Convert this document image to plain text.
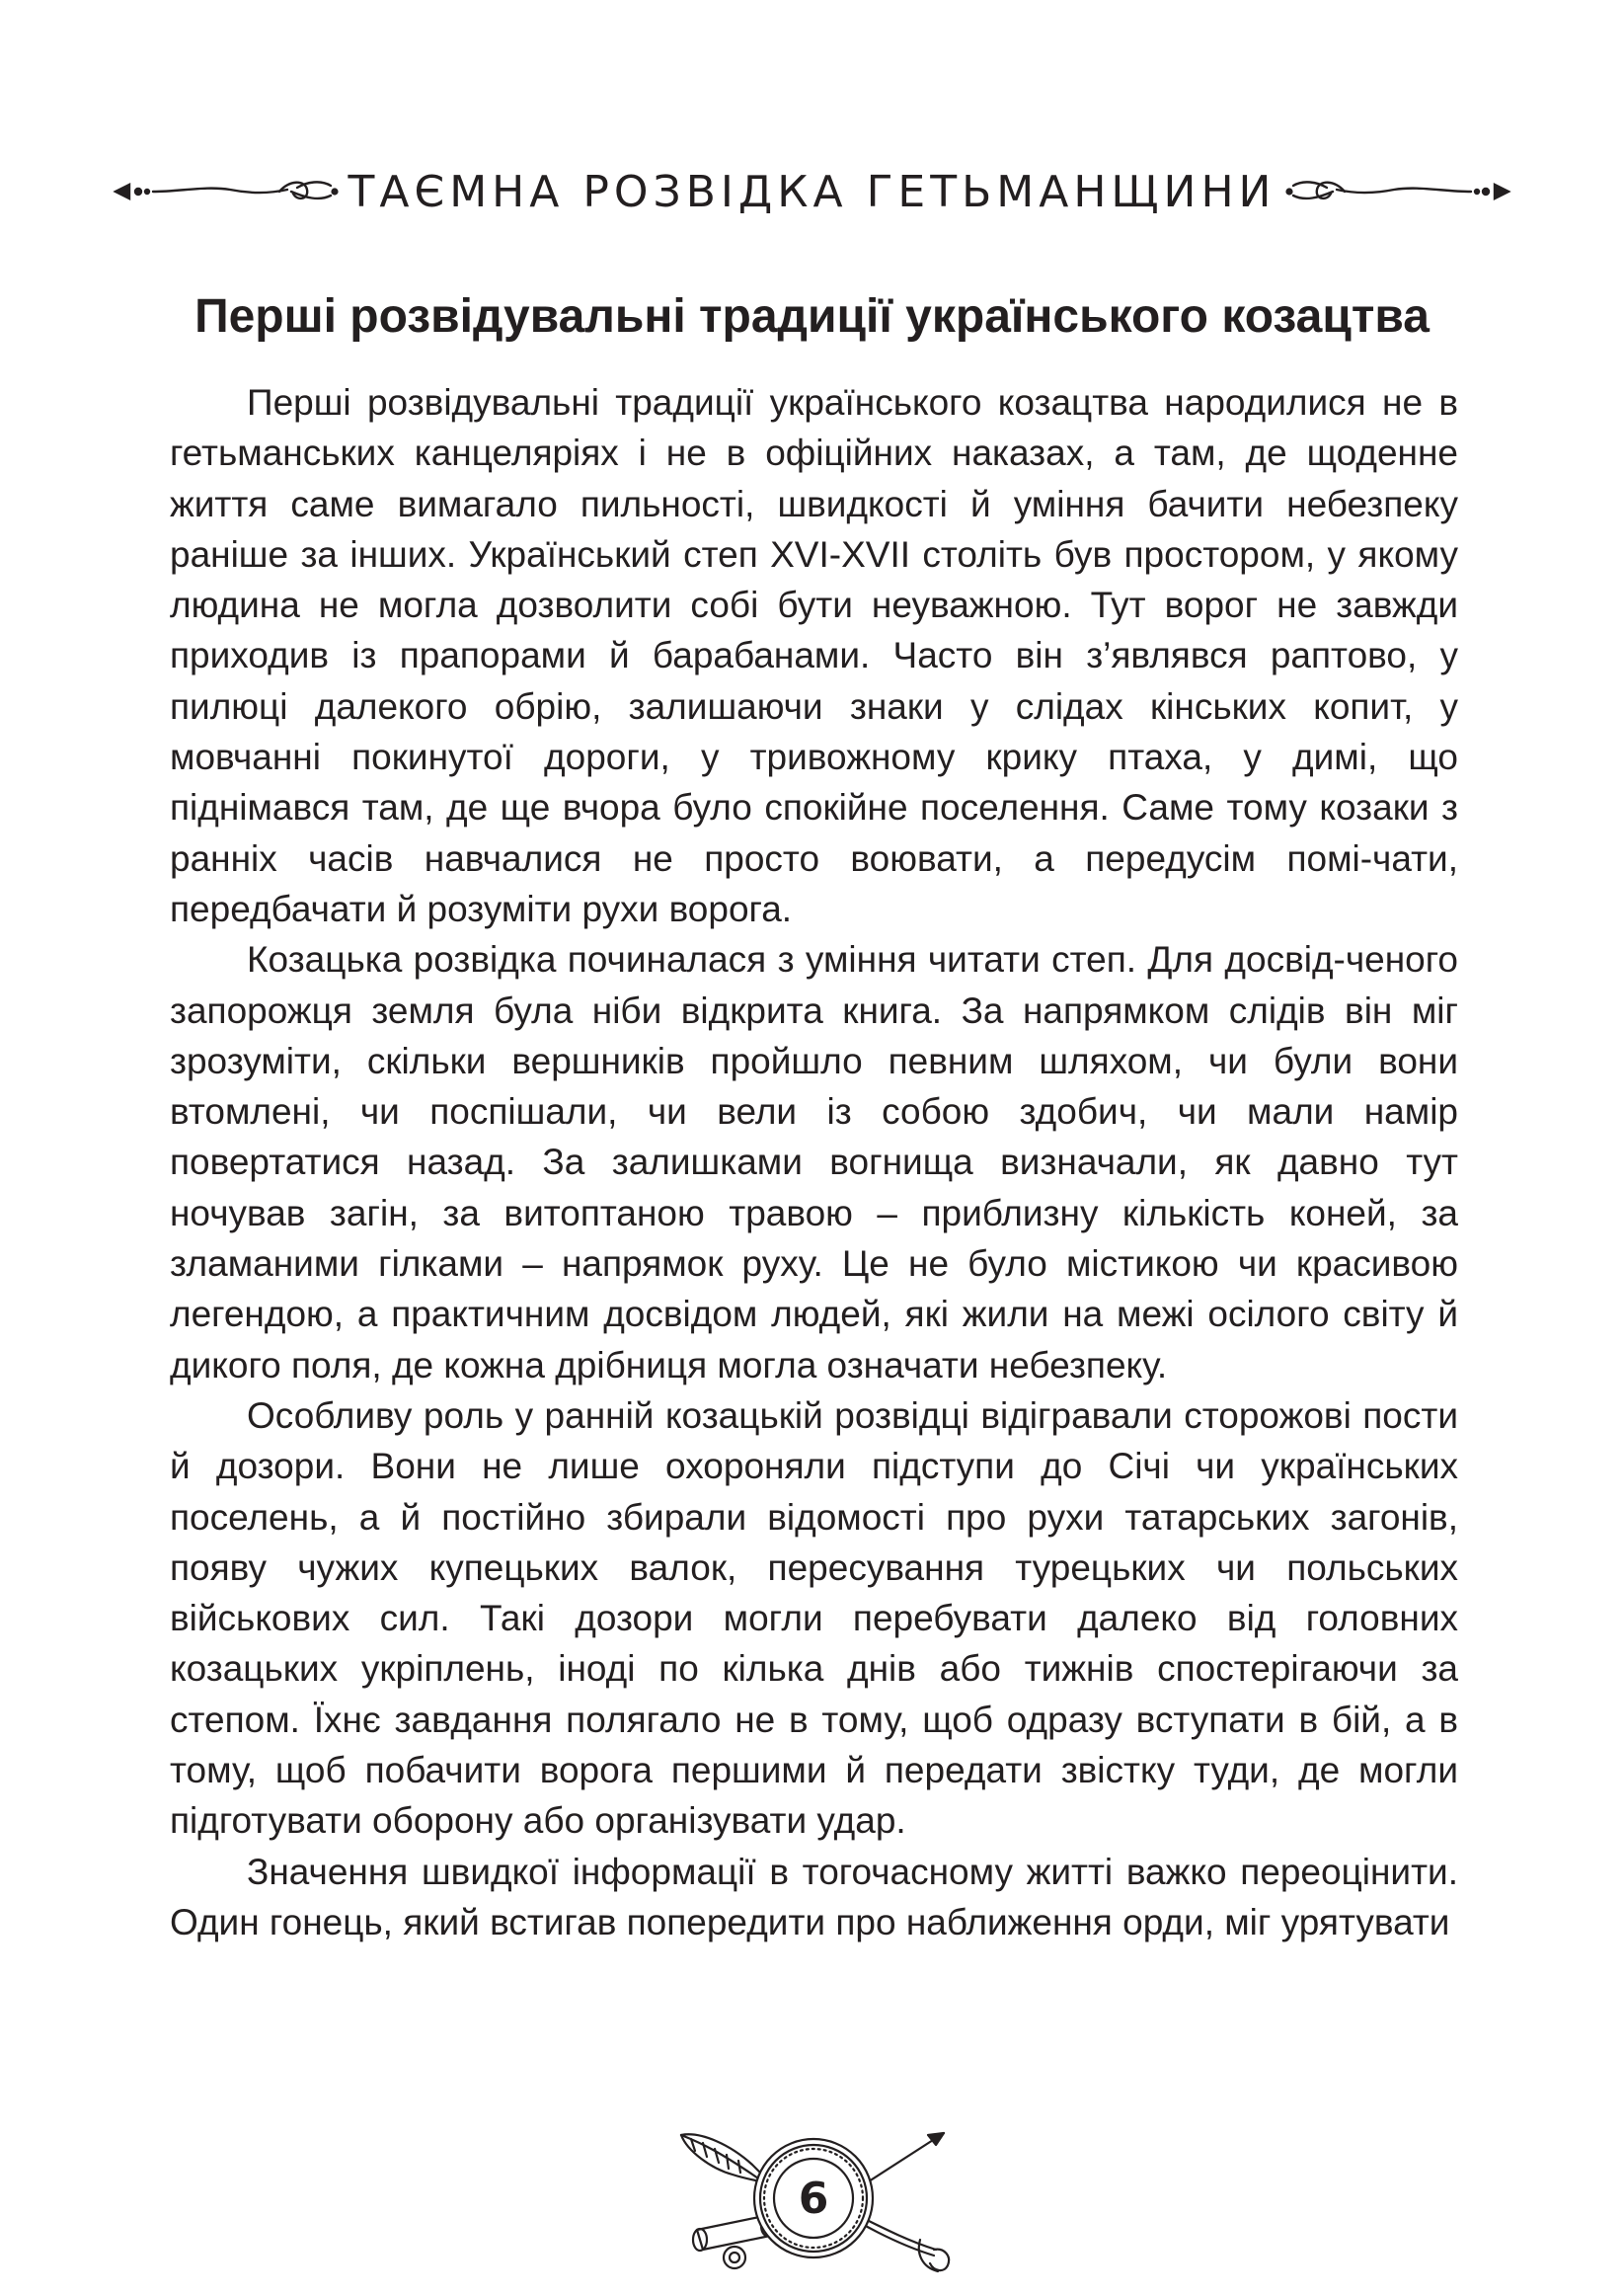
ТАЄМНА РОЗВІДКА ГЕТЬМАНЩИНИ
Перші розвідувальні традиції українського козацтва

Перші розвідувальні традиції українського козацтва народилися не в гетьманських канцеляріях і не в офіційних наказах, а там, де щоденне життя саме вимагало пильності, швидкості й уміння бачити небезпеку раніше за інших. Український степ XVI-XVII століть був простором, у якому людина не могла дозволити собі бути неуважною. Тут ворог не завжди приходив із прапорами й барабанами. Часто він з’являвся раптово, у пилюці далекого обрію, залишаючи знаки у слідах кінських копит, у мовчанні покинутої дороги, у тривожному крику птаха, у димі, що піднімався там, де ще вчора було спокійне поселення. Саме тому козаки з ранніх часів навчалися не просто воювати, а передусім помі-чати, передбачати й розуміти рухи ворога.

Козацька розвідка починалася з уміння читати степ. Для досвід-ченого запорожця земля була ніби відкрита книга. За напрямком слідів він міг зрозуміти, скільки вершників пройшло певним шляхом, чи були вони втомлені, чи поспішали, чи вели із собою здобич, чи мали намір повертатися назад. За залишками вогнища визначали, як давно тут ночував загін, за витоптаною травою – приблизну кількість коней, за зламаними гілками – напрямок руху. Це не було містикою чи красивою легендою, а практичним досвідом людей, які жили на межі осілого світу й дикого поля, де кожна дрібниця могла означати небезпеку.

Особливу роль у ранній козацькій розвідці відігравали сторожові пости й дозори. Вони не лише охороняли підступи до Січі чи українських поселень, а й постійно збирали відомості про рухи татарських загонів, появу чужих купецьких валок, пересування турецьких чи польських військових сил. Такі дозори могли перебувати далеко від головних козацьких укріплень, іноді по кілька днів або тижнів спостерігаючи за степом. Їхнє завдання полягало не в тому, щоб одразу вступати в бій, а в тому, щоб побачити ворога першими й передати звістку туди, де могли підготувати оборону або організувати удар.

Значення швидкої інформації в тогочасному житті важко переоцінити. Один гонець, який встигав попередити про наближення орди, міг урятувати

6
